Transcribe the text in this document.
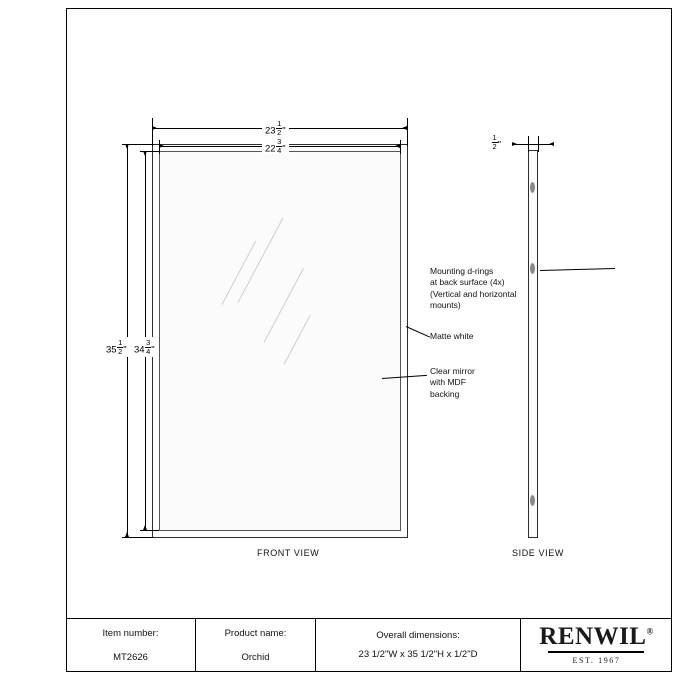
$23 \frac{1}{2}$ "
$22 \frac{3}{4}$ "
$35 \frac{1}{2}$ " $34 \frac{3}{4}$ "
FRONT VIEW
$\frac{1}{2}$ "
SIDE VIEW
Mounting d-rings
at back surface (4x)
(Vertical and horizontal
mounts)
Matte white
Clear mirror
with MDF
backing
Item number:
MT2626
Product name:
Orchid
Overall dimensions:
23 1/2"W x 35 1/2"H x 1/2"D
RENWIL®
EST. 1967
